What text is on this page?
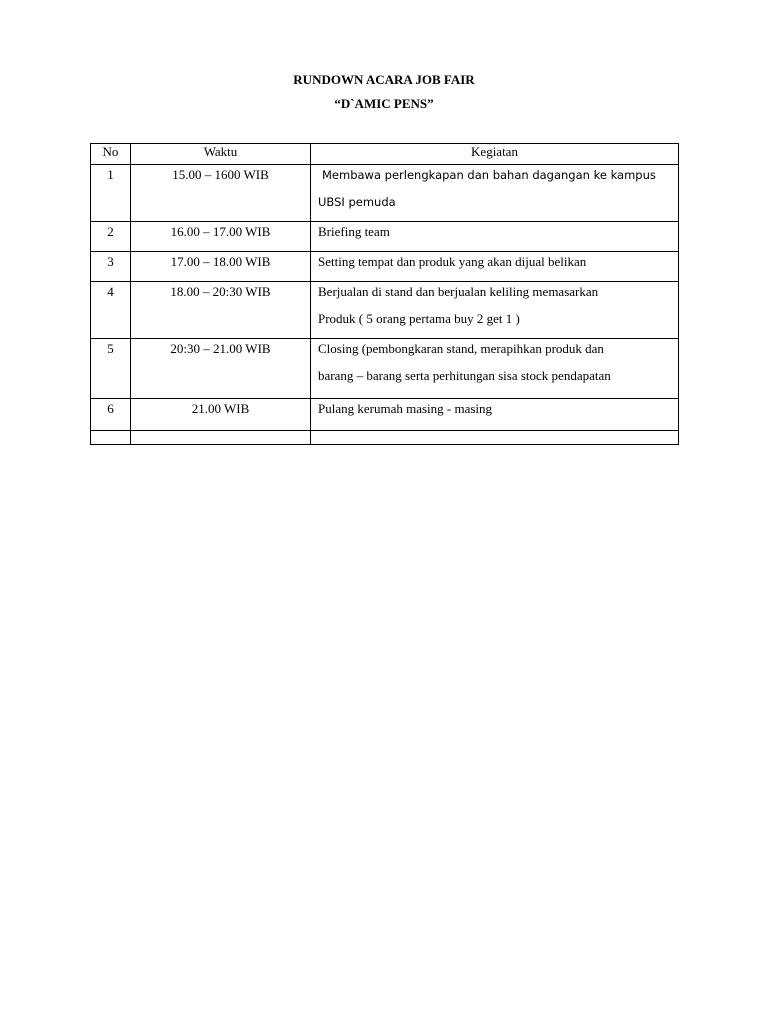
RUNDOWN ACARA JOB FAIR
“D`AMIC PENS”
No	Waktu	Kegiatan
1	15.00 – 1600 WIB	Membawa perlengkapan dan bahan dagangan ke kampus
UBSI pemuda

2	16.00 – 17.00 WIB	Briefing team

3	17.00 – 18.00 WIB	Setting tempat dan produk yang akan dijual belikan

4	18.00 – 20:30 WIB	Berjualan di stand dan berjualan keliling memasarkan
Produk ( 5 orang pertama buy 2 get 1 )

5	20:30 – 21.00 WIB	Closing (pembongkaran stand, merapihkan produk dan
barang – barang serta perhitungan sisa stock pendapatan

6	21.00 WIB	Pulang kerumah masing - masing
